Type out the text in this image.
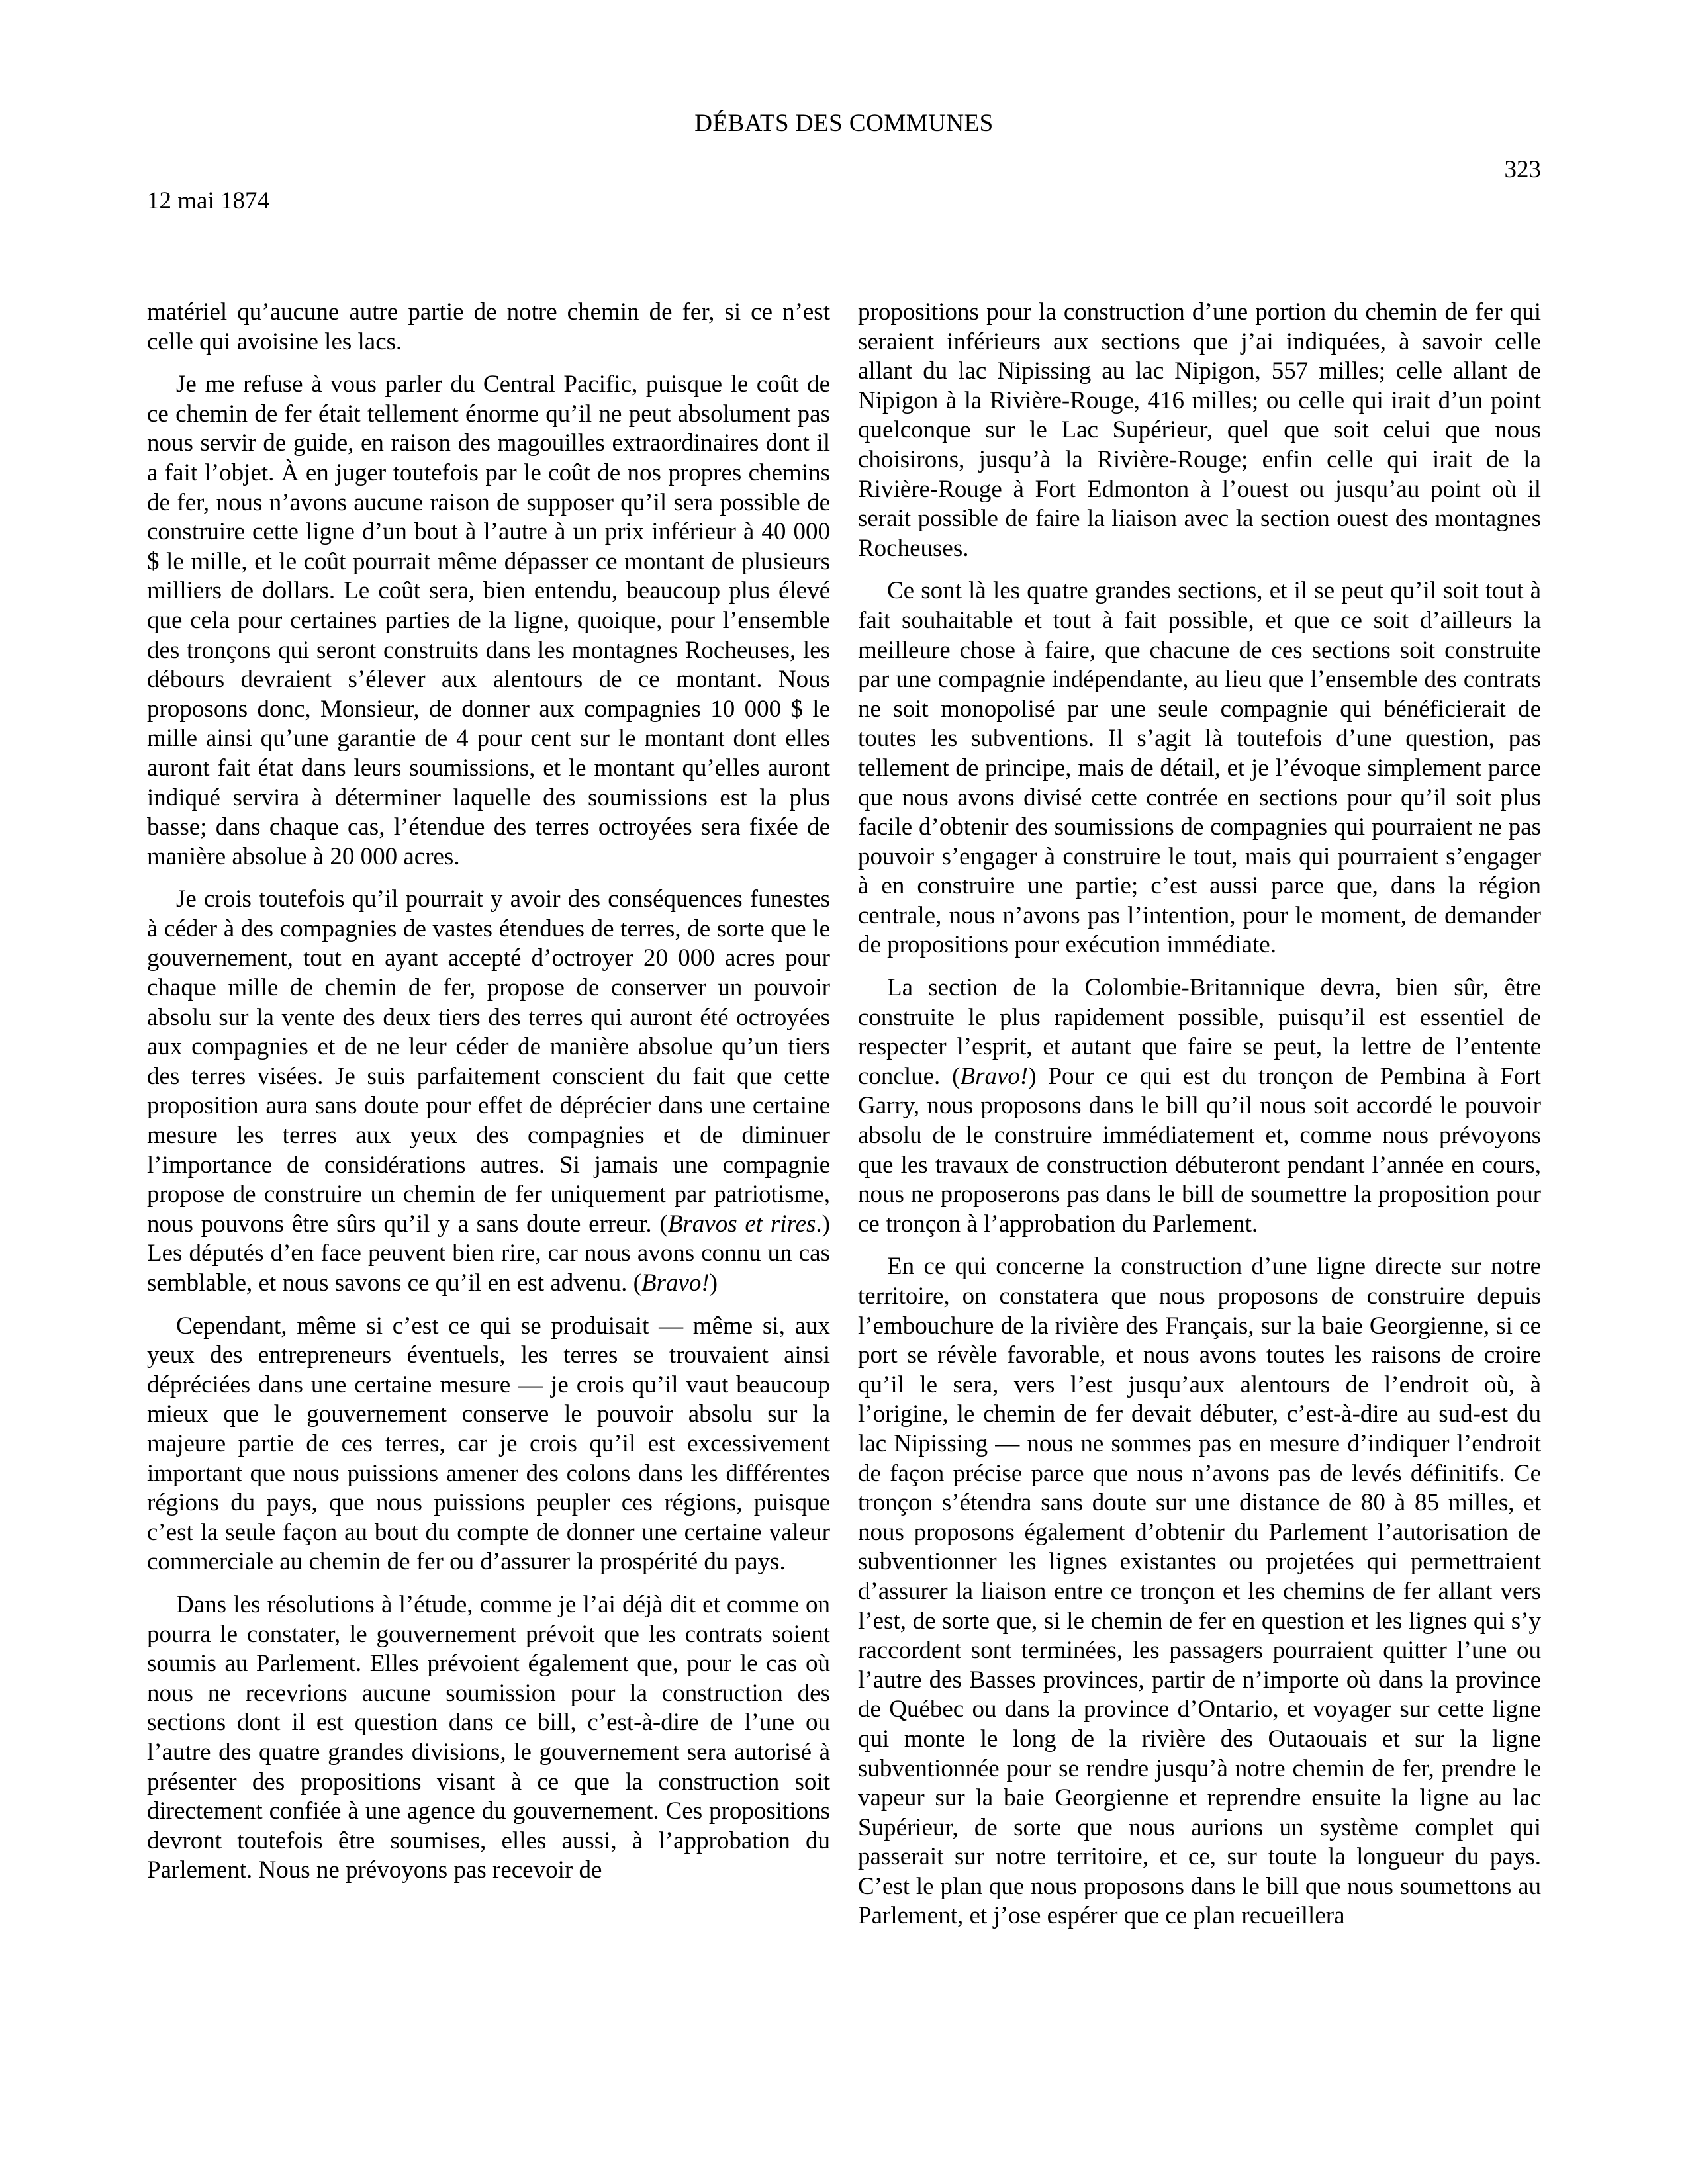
DÉBATS DES COMMUNES
323
12 mai 1874

matériel qu’aucune autre partie de notre chemin de fer, si ce n’est celle qui avoisine les lacs.

Je me refuse à vous parler du Central Pacific, puisque le coût de ce chemin de fer était tellement énorme qu’il ne peut absolument pas nous servir de guide, en raison des magouilles extraordinaires dont il a fait l’objet. À en juger toutefois par le coût de nos propres chemins de fer, nous n’avons aucune raison de supposer qu’il sera possible de construire cette ligne d’un bout à l’autre à un prix inférieur à 40 000 $ le mille, et le coût pourrait même dépasser ce montant de plusieurs milliers de dollars. Le coût sera, bien entendu, beaucoup plus élevé que cela pour certaines parties de la ligne, quoique, pour l’ensemble des tronçons qui seront construits dans les montagnes Rocheuses, les débours devraient s’élever aux alentours de ce montant. Nous proposons donc, Monsieur, de donner aux compagnies 10 000 $ le mille ainsi qu’une garantie de 4 pour cent sur le montant dont elles auront fait état dans leurs soumissions, et le montant qu’elles auront indiqué servira à déterminer laquelle des soumissions est la plus basse; dans chaque cas, l’étendue des terres octroyées sera fixée de manière absolue à 20 000 acres.

Je crois toutefois qu’il pourrait y avoir des conséquences funestes à céder à des compagnies de vastes étendues de terres, de sorte que le gouvernement, tout en ayant accepté d’octroyer 20 000 acres pour chaque mille de chemin de fer, propose de conserver un pouvoir absolu sur la vente des deux tiers des terres qui auront été octroyées aux compagnies et de ne leur céder de manière absolue qu’un tiers des terres visées. Je suis parfaitement conscient du fait que cette proposition aura sans doute pour effet de déprécier dans une certaine mesure les terres aux yeux des compagnies et de diminuer l’importance de considérations autres. Si jamais une compagnie propose de construire un chemin de fer uniquement par patriotisme, nous pouvons être sûrs qu’il y a sans doute erreur. (Bravos et rires.) Les députés d’en face peuvent bien rire, car nous avons connu un cas semblable, et nous savons ce qu’il en est advenu. (Bravo!)

Cependant, même si c’est ce qui se produisait — même si, aux yeux des entrepreneurs éventuels, les terres se trouvaient ainsi dépréciées dans une certaine mesure — je crois qu’il vaut beaucoup mieux que le gouvernement conserve le pouvoir absolu sur la majeure partie de ces terres, car je crois qu’il est excessivement important que nous puissions amener des colons dans les différentes régions du pays, que nous puissions peupler ces régions, puisque c’est la seule façon au bout du compte de donner une certaine valeur commerciale au chemin de fer ou d’assurer la prospérité du pays.

Dans les résolutions à l’étude, comme je l’ai déjà dit et comme on pourra le constater, le gouvernement prévoit que les contrats soient soumis au Parlement. Elles prévoient également que, pour le cas où nous ne recevrions aucune soumission pour la construction des sections dont il est question dans ce bill, c’est-à-dire de l’une ou l’autre des quatre grandes divisions, le gouvernement sera autorisé à présenter des propositions visant à ce que la construction soit directement confiée à une agence du gouvernement. Ces propositions devront toutefois être soumises, elles aussi, à l’approbation du Parlement. Nous ne prévoyons pas recevoir de

propositions pour la construction d’une portion du chemin de fer qui seraient inférieurs aux sections que j’ai indiquées, à savoir celle allant du lac Nipissing au lac Nipigon, 557 milles; celle allant de Nipigon à la Rivière-Rouge, 416 milles; ou celle qui irait d’un point quelconque sur le Lac Supérieur, quel que soit celui que nous choisirons, jusqu’à la Rivière-Rouge; enfin celle qui irait de la Rivière-Rouge à Fort Edmonton à l’ouest ou jusqu’au point où il serait possible de faire la liaison avec la section ouest des montagnes Rocheuses.

Ce sont là les quatre grandes sections, et il se peut qu’il soit tout à fait souhaitable et tout à fait possible, et que ce soit d’ailleurs la meilleure chose à faire, que chacune de ces sections soit construite par une compagnie indépendante, au lieu que l’ensemble des contrats ne soit monopolisé par une seule compagnie qui bénéficierait de toutes les subventions. Il s’agit là toutefois d’une question, pas tellement de principe, mais de détail, et je l’évoque simplement parce que nous avons divisé cette contrée en sections pour qu’il soit plus facile d’obtenir des soumissions de compagnies qui pourraient ne pas pouvoir s’engager à construire le tout, mais qui pourraient s’engager à en construire une partie; c’est aussi parce que, dans la région centrale, nous n’avons pas l’intention, pour le moment, de demander de propositions pour exécution immédiate.

La section de la Colombie-Britannique devra, bien sûr, être construite le plus rapidement possible, puisqu’il est essentiel de respecter l’esprit, et autant que faire se peut, la lettre de l’entente conclue. (Bravo!) Pour ce qui est du tronçon de Pembina à Fort Garry, nous proposons dans le bill qu’il nous soit accordé le pouvoir absolu de le construire immédiatement et, comme nous prévoyons que les travaux de construction débuteront pendant l’année en cours, nous ne proposerons pas dans le bill de soumettre la proposition pour ce tronçon à l’approbation du Parlement.

En ce qui concerne la construction d’une ligne directe sur notre territoire, on constatera que nous proposons de construire depuis l’embouchure de la rivière des Français, sur la baie Georgienne, si ce port se révèle favorable, et nous avons toutes les raisons de croire qu’il le sera, vers l’est jusqu’aux alentours de l’endroit où, à l’origine, le chemin de fer devait débuter, c’est-à-dire au sud-est du lac Nipissing — nous ne sommes pas en mesure d’indiquer l’endroit de façon précise parce que nous n’avons pas de levés définitifs. Ce tronçon s’étendra sans doute sur une distance de 80 à 85 milles, et nous proposons également d’obtenir du Parlement l’autorisation de subventionner les lignes existantes ou projetées qui permettraient d’assurer la liaison entre ce tronçon et les chemins de fer allant vers l’est, de sorte que, si le chemin de fer en question et les lignes qui s’y raccordent sont terminées, les passagers pourraient quitter l’une ou l’autre des Basses provinces, partir de n’importe où dans la province de Québec ou dans la province d’Ontario, et voyager sur cette ligne qui monte le long de la rivière des Outaouais et sur la ligne subventionnée pour se rendre jusqu’à notre chemin de fer, prendre le vapeur sur la baie Georgienne et reprendre ensuite la ligne au lac Supérieur, de sorte que nous aurions un système complet qui passerait sur notre territoire, et ce, sur toute la longueur du pays. C’est le plan que nous proposons dans le bill que nous soumettons au Parlement, et j’ose espérer que ce plan recueillera
